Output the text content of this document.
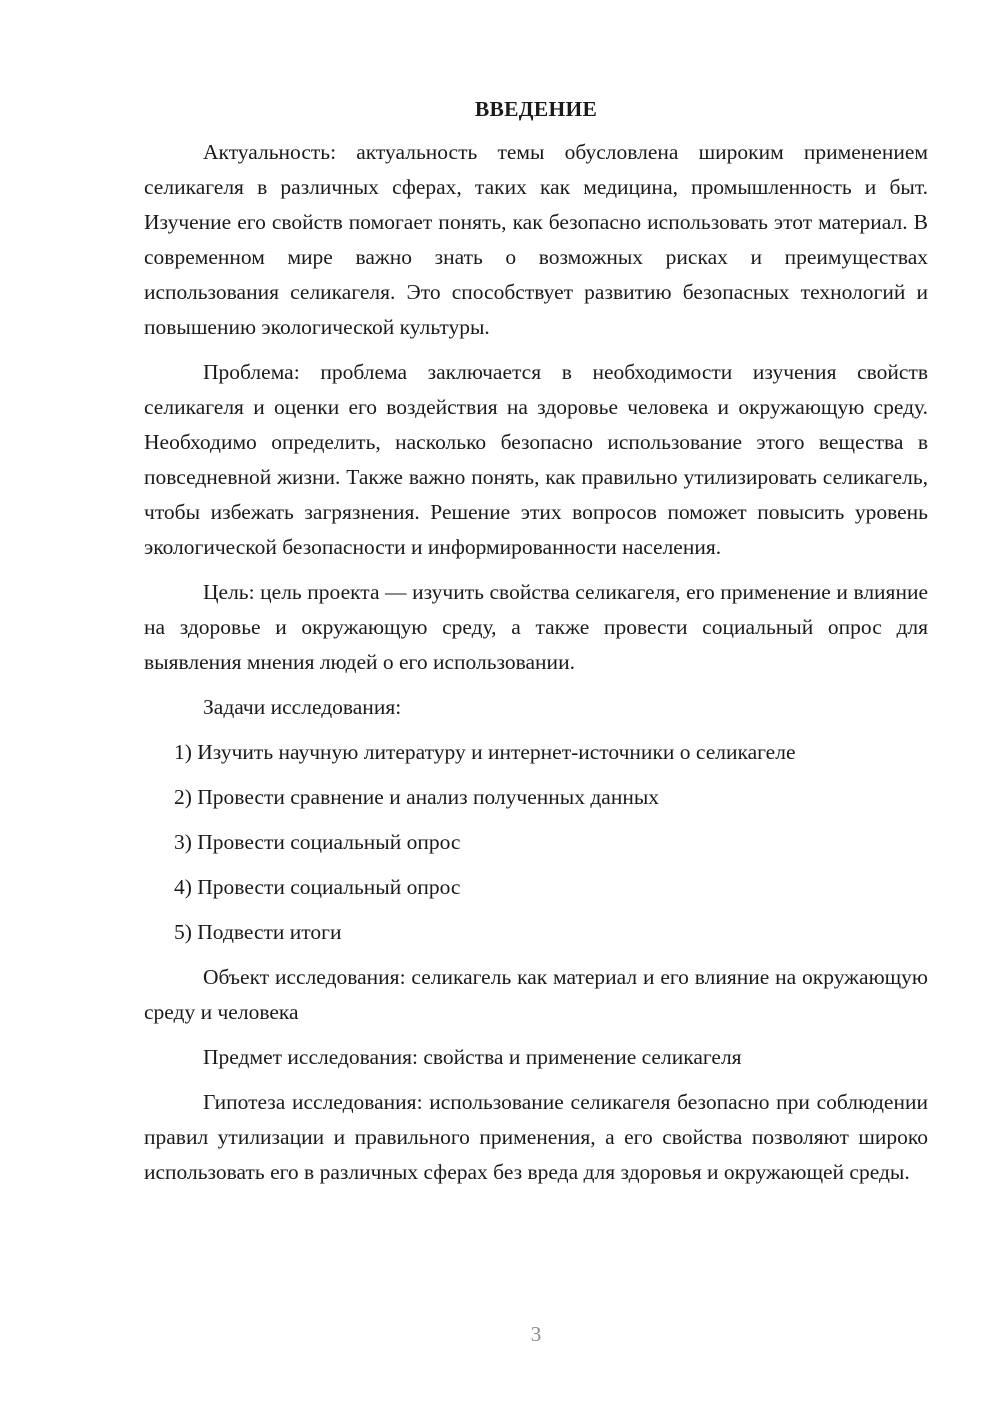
ВВЕДЕНИЕ

Актуальность: актуальность темы обусловлена широким применением селикагеля в различных сферах, таких как медицина, промышленность и быт. Изучение его свойств помогает понять, как безопасно использовать этот материал. В современном мире важно знать о возможных рисках и преимуществах использования селикагеля. Это способствует развитию безопасных технологий и повышению экологической культуры.

Проблема: проблема заключается в необходимости изучения свойств селикагеля и оценки его воздействия на здоровье человека и окружающую среду. Необходимо определить, насколько безопасно использование этого вещества в повседневной жизни. Также важно понять, как правильно утилизировать селикагель, чтобы избежать загрязнения. Решение этих вопросов поможет повысить уровень экологической безопасности и информированности населения.

Цель: цель проекта — изучить свойства селикагеля, его применение и влияние на здоровье и окружающую среду, а также провести социальный опрос для выявления мнения людей о его использовании.

Задачи исследования:
1) Изучить научную литературу и интернет-источники о селикагеле
2) Провести сравнение и анализ полученных данных
3) Провести социальный опрос
4) Провести социальный опрос
5) Подвести итоги

Объект исследования: селикагель как материал и его влияние на окружающую среду и человека

Предмет исследования: свойства и применение селикагеля

Гипотеза исследования: использование селикагеля безопасно при соблюдении правил утилизации и правильного применения, а его свойства позволяют широко использовать его в различных сферах без вреда для здоровья и окружающей среды.

3
